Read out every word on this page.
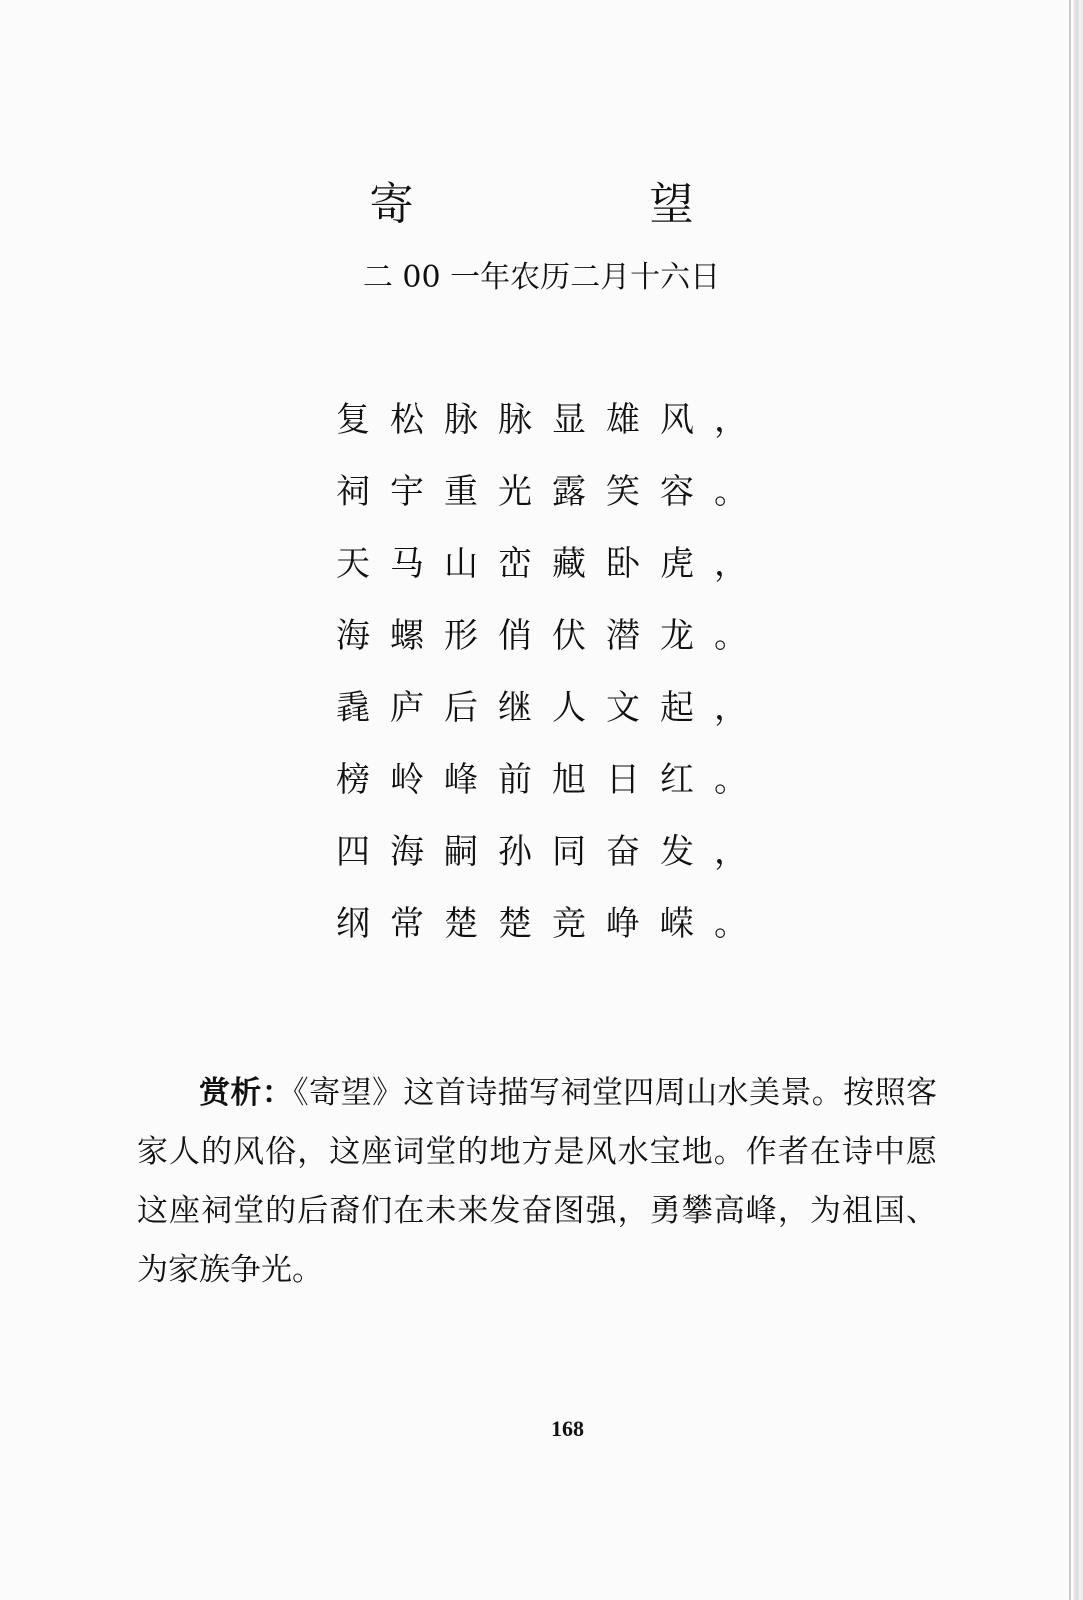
寄　望
二 00 一年农历二月十六日
复松脉脉显雄风，
祠宇重光露笑容。
天马山峦藏卧虎，
海螺形俏伏潜龙。
毳庐后继人文起，
榜岭峰前旭日红。
四海嗣孙同奋发，
纲常楚楚竞峥嵘。

赏析：《寄望》这首诗描写祠堂四周山水美景。按照客家人的风俗，这座词堂的地方是风水宝地。作者在诗中愿这座祠堂的后裔们在未来发奋图强，勇攀高峰，为祖国、为家族争光。

168
